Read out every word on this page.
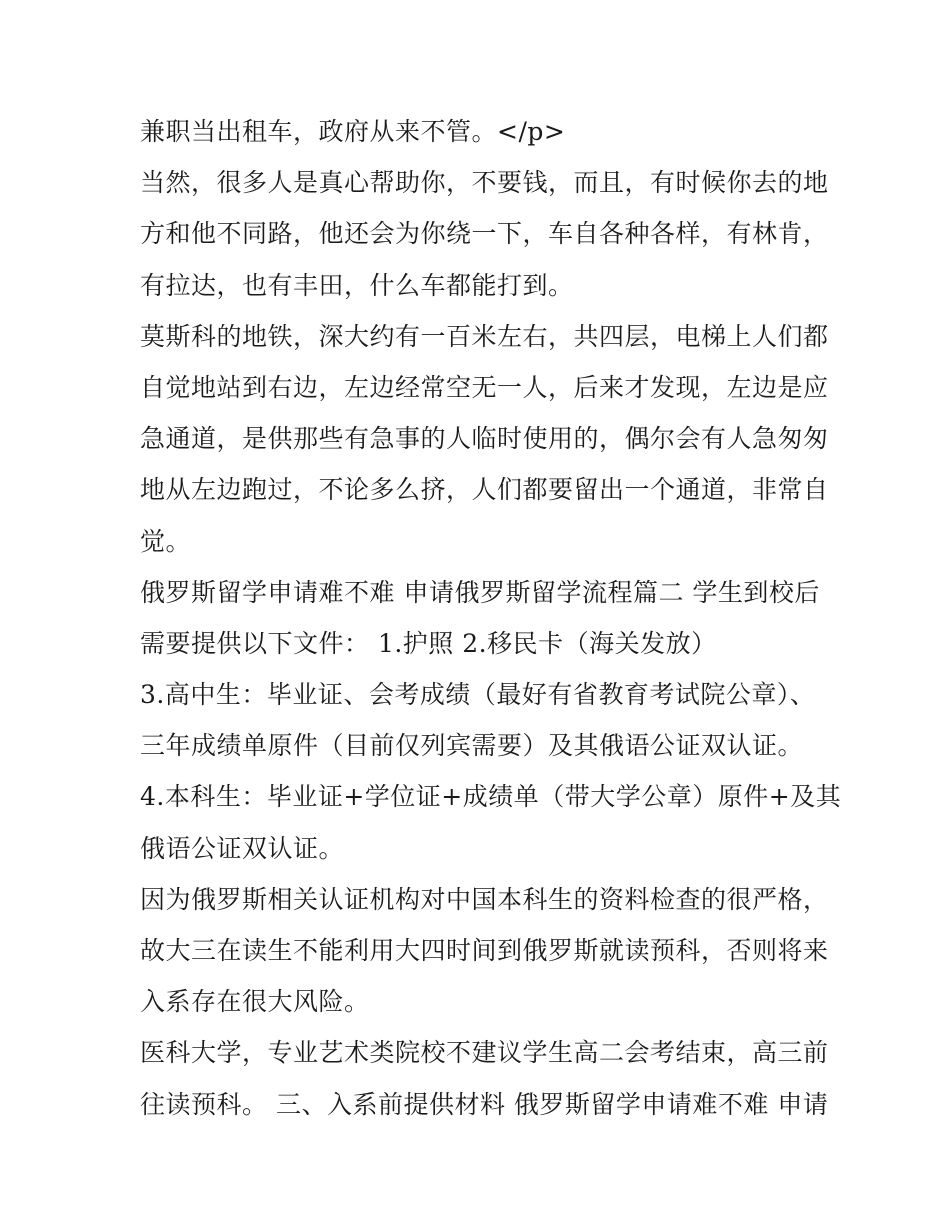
兼职当出租车，政府从来不管。</p>
当然，很多人是真心帮助你，不要钱，而且，有时候你去的地
方和他不同路，他还会为你绕一下，车自各种各样，有林肯，
有拉达，也有丰田，什么车都能打到。
莫斯科的地铁，深大约有一百米左右，共四层，电梯上人们都
自觉地站到右边，左边经常空无一人，后来才发现，左边是应
急通道，是供那些有急事的人临时使用的，偶尔会有人急匆匆
地从左边跑过，不论多么挤，人们都要留出一个通道，非常自
觉。
俄罗斯留学申请难不难 申请俄罗斯留学流程篇二 学生到校后
需要提供以下文件： 1.护照 2.移民卡（海关发放）
3.高中生：毕业证、会考成绩（最好有省教育考试院公章）、
三年成绩单原件（目前仅列宾需要）及其俄语公证双认证。
4.本科生：毕业证+学位证+成绩单（带大学公章）原件+及其
俄语公证双认证。
因为俄罗斯相关认证机构对中国本科生的资料检查的很严格，
故大三在读生不能利用大四时间到俄罗斯就读预科，否则将来
入系存在很大风险。
医科大学，专业艺术类院校不建议学生高二会考结束，高三前
往读预科。 三、入系前提供材料 俄罗斯留学申请难不难 申请
